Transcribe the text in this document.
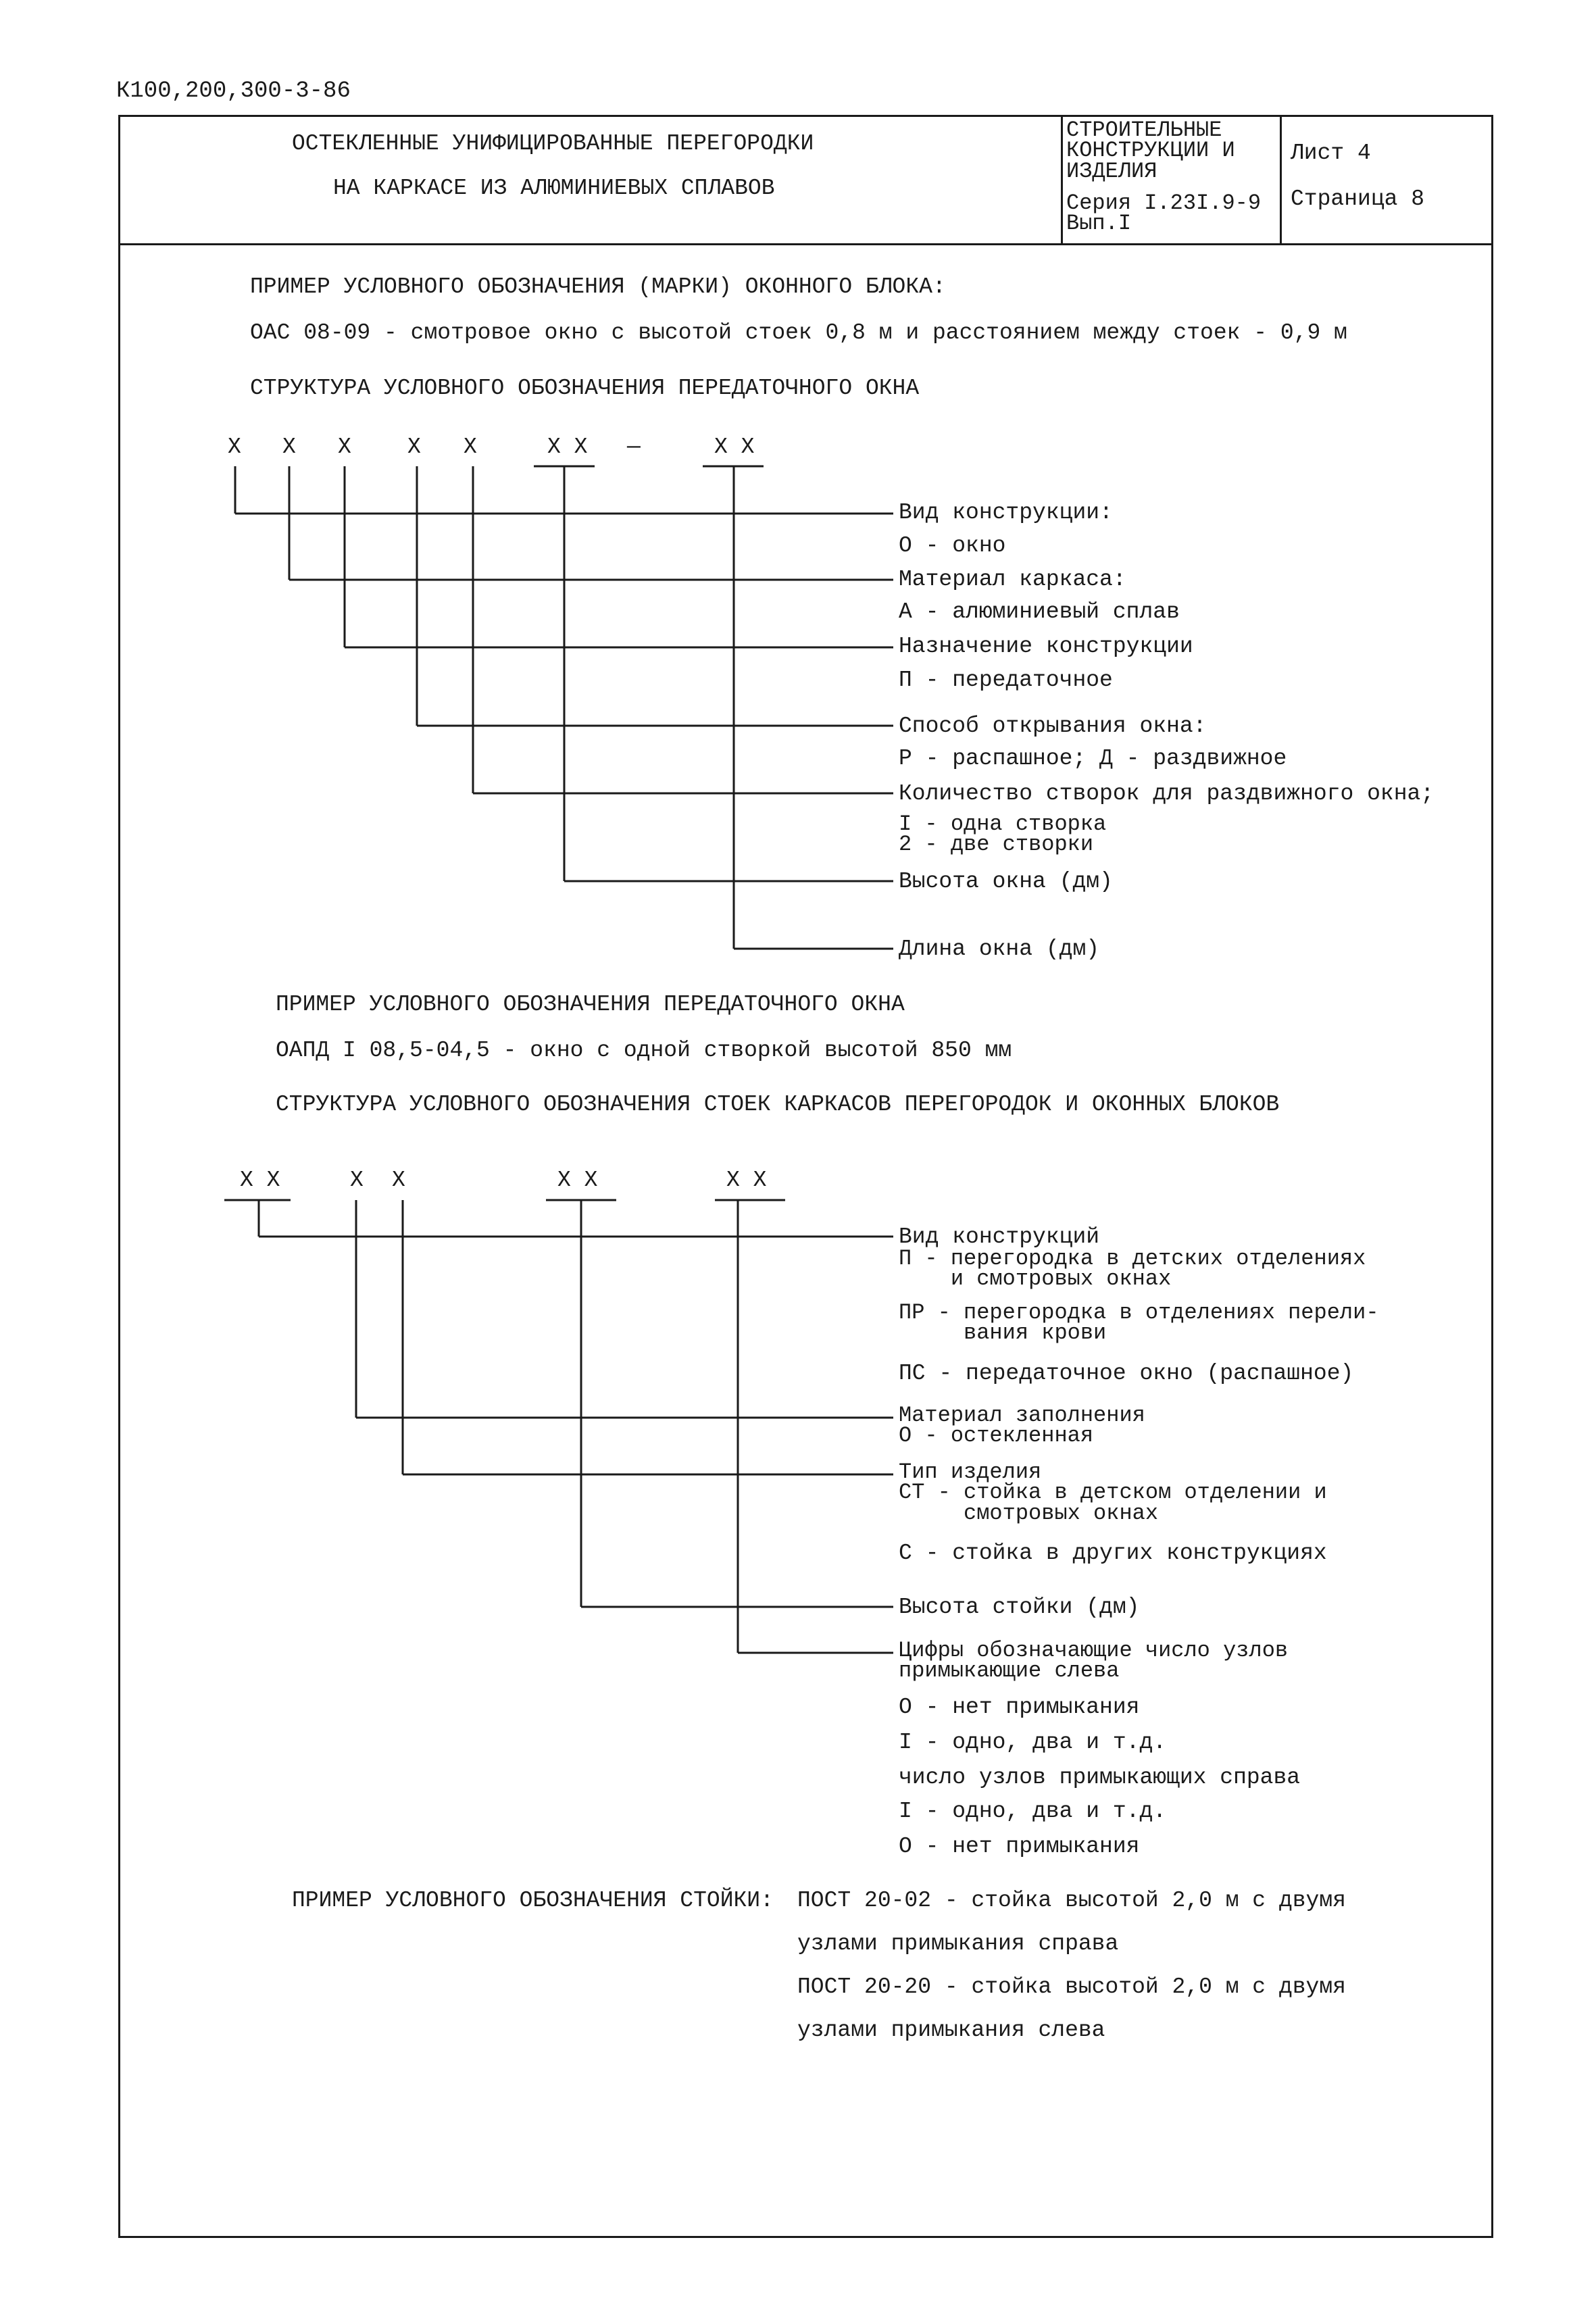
К100,200,300-3-86
ОСТЕКЛЕННЫЕ УНИФИЦИРОВАННЫЕ ПЕРЕГОРОДКИ
НА КАРКАСЕ ИЗ АЛЮМИНИЕВЫХ СПЛАВОВ
СТРОИТЕЛЬНЫЕ
КОНСТРУКЦИИ И
ИЗДЕЛИЯ
Серия I.23I.9-9
Вып.I
Лист 4
Страница 8
ПРИМЕР УСЛОВНОГО ОБОЗНАЧЕНИЯ (МАРКИ) ОКОННОГО БЛОКА:
ОАС 08-09 - смотровое окно с высотой стоек 0,8 м и расстоянием между стоек - 0,9 м
СТРУКТУРА УСЛОВНОГО ОБОЗНАЧЕНИЯ ПЕРЕДАТОЧНОГО ОКНА
Х Х Х	Х Х	Х Х —	Х Х
Вид конструкции:
О - окно
Материал каркаса:
А - алюминиевый сплав
Назначение конструкции
П - передаточное
Способ открывания окна:
Р - распашное; Д - раздвижное
Количество створок для раздвижного окна;
I - одна створка
2 - две створки
Высота окна (дм)
Длина окна (дм)
ПРИМЕР УСЛОВНОГО ОБОЗНАЧЕНИЯ ПЕРЕДАТОЧНОГО ОКНА
ОАПД I 08,5-04,5 - окно с одной створкой высотой 850 мм
СТРУКТУРА УСЛОВНОГО ОБОЗНАЧЕНИЯ СТОЕК КАРКАСОВ ПЕРЕГОРОДОК И ОКОННЫХ БЛОКОВ
Х Х	Х Х	Х Х	Х Х
Вид конструкций
П - перегородка в детских отделениях
и смотровых окнах
ПР - перегородка в отделениях перели-
вания крови
ПС - передаточное окно (распашное)
Материал заполнения
О - остекленная
Тип изделия
СТ - стойка в детском отделении и
смотровых окнах
С - стойка в других конструкциях
Высота стойки (дм)
Цифры обозначающие число узлов
примыкающие слева
О - нет примыкания
I - одно, два и т.д.
число узлов примыкающих справа
I - одно, два и т.д.
О - нет примыкания
ПРИМЕР УСЛОВНОГО ОБОЗНАЧЕНИЯ СТОЙКИ: ПОСТ 20-02 - стойка высотой 2,0 м с двумя
узлами примыкания справа
ПОСТ 20-20 - стойка высотой 2,0 м с двумя
узлами примыкания слева
